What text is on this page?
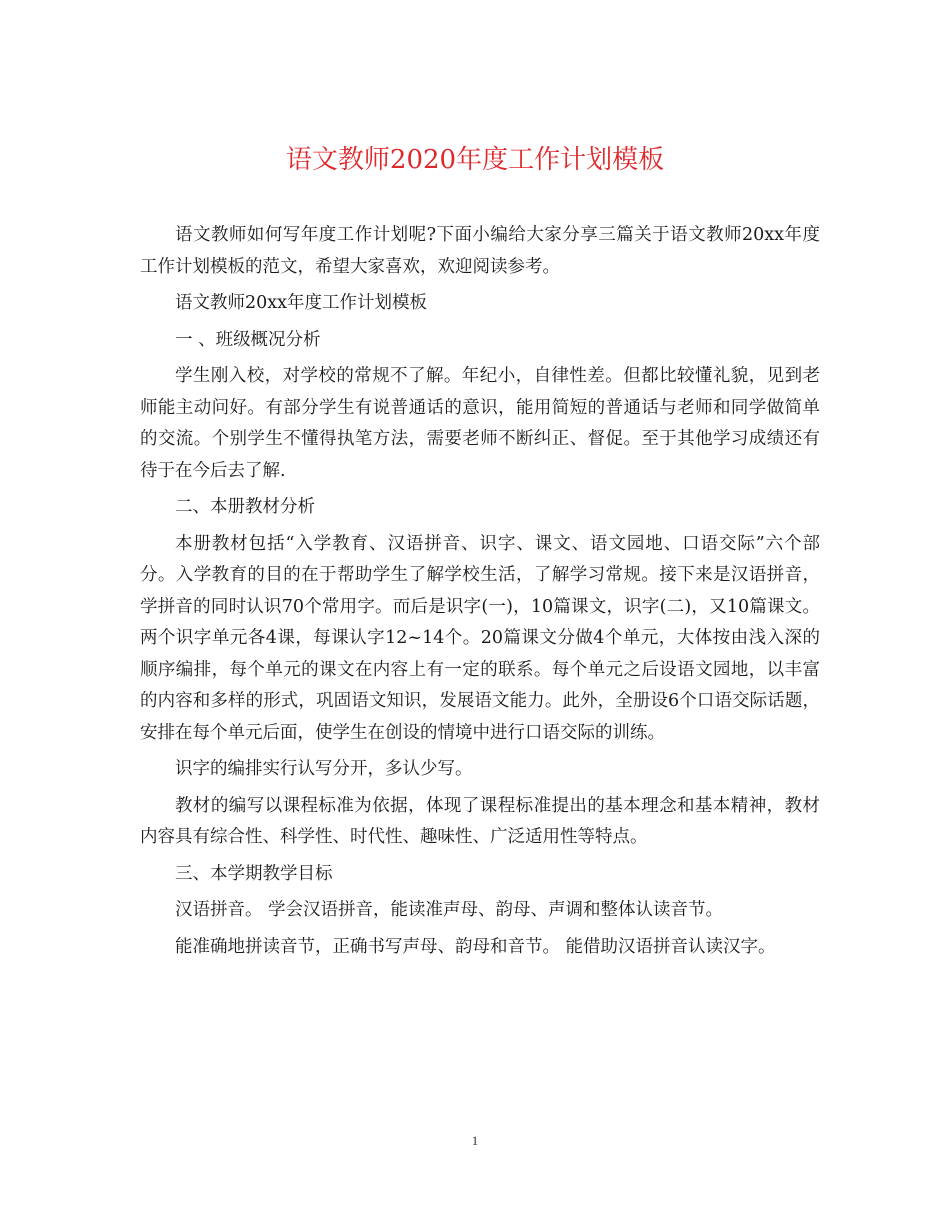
语文教师2020年度工作计划模板

语文教师如何写年度工作计划呢?下面小编给大家分享三篇关于语文教师20xx年度工作计划模板的范文，希望大家喜欢，欢迎阅读参考。

语文教师20xx年度工作计划模板

一 、班级概况分析

学生刚入校，对学校的常规不了解。年纪小，自律性差。但都比较懂礼貌，见到老师能主动问好。有部分学生有说普通话的意识，能用简短的普通话与老师和同学做简单的交流。个别学生不懂得执笔方法，需要老师不断纠正、督促。至于其他学习成绩还有待于在今后去了解.

二、本册教材分析

本册教材包括“入学教育、汉语拼音、识字、课文、语文园地、口语交际”六个部分。入学教育的目的在于帮助学生了解学校生活，了解学习常规。接下来是汉语拼音，学拼音的同时认识70个常用字。而后是识字(一)，10篇课文，识字(二)，又10篇课文。两个识字单元各4课，每课认字12~14个。20篇课文分做4个单元，大体按由浅入深的顺序编排，每个单元的课文在内容上有一定的联系。每个单元之后设语文园地，以丰富的内容和多样的形式，巩固语文知识，发展语文能力。此外，全册设6个口语交际话题，安排在每个单元后面，使学生在创设的情境中进行口语交际的训练。

识字的编排实行认写分开，多认少写。

教材的编写以课程标准为依据，体现了课程标准提出的基本理念和基本精神，教材内容具有综合性、科学性、时代性、趣味性、广泛适用性等特点。

三、本学期教学目标

汉语拼音。 学会汉语拼音，能读准声母、韵母、声调和整体认读音节。

能准确地拼读音节，正确书写声母、韵母和音节。 能借助汉语拼音认读汉字。

1
